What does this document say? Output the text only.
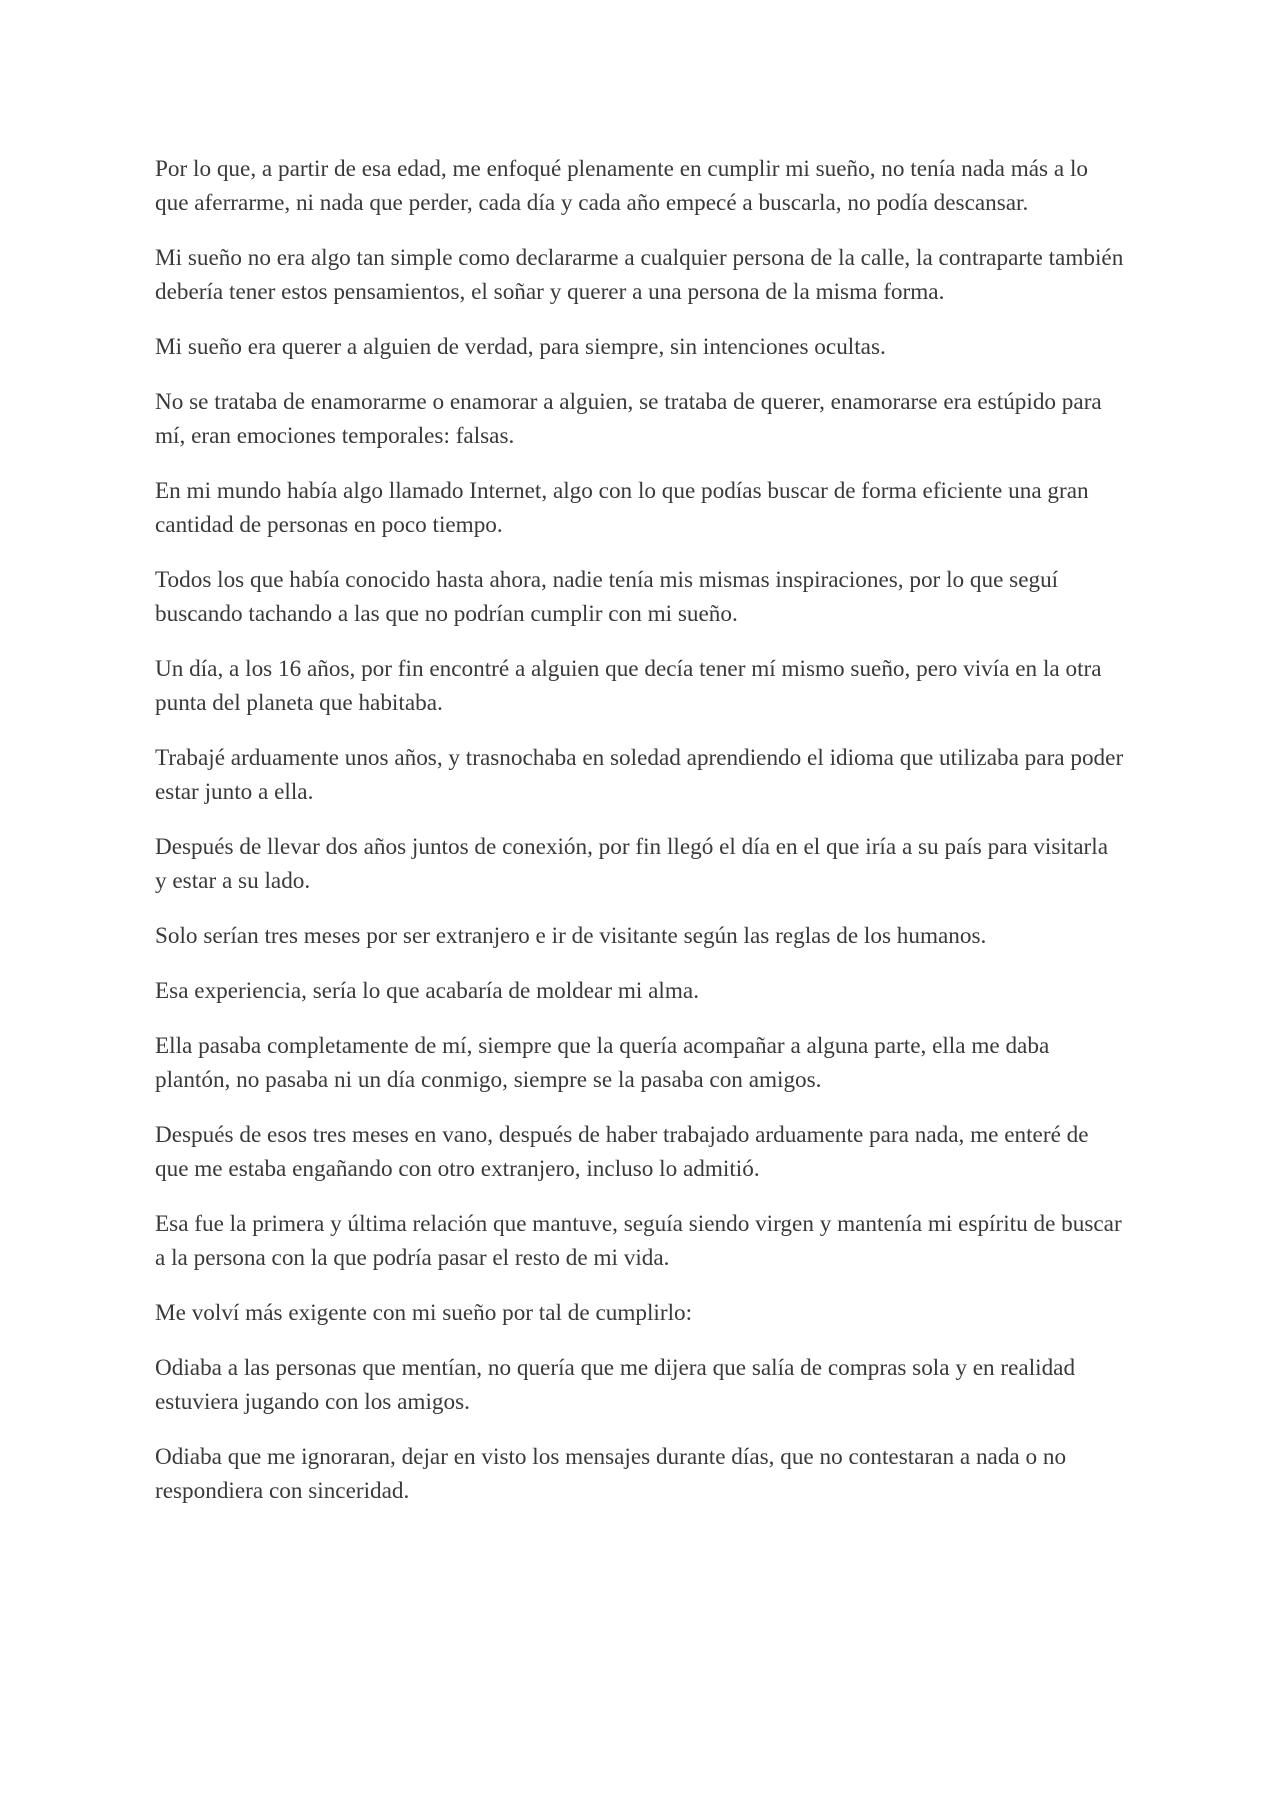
Por lo que, a partir de esa edad, me enfoqué plenamente en cumplir mi sueño, no tenía nada más a lo que aferrarme, ni nada que perder, cada día y cada año empecé a buscarla, no podía descansar.

Mi sueño no era algo tan simple como declararme a cualquier persona de la calle, la contraparte también debería tener estos pensamientos, el soñar y querer a una persona de la misma forma.

Mi sueño era querer a alguien de verdad, para siempre, sin intenciones ocultas.

No se trataba de enamorarme o enamorar a alguien, se trataba de querer, enamorarse era estúpido para mí, eran emociones temporales: falsas.

En mi mundo había algo llamado Internet, algo con lo que podías buscar de forma eficiente una gran cantidad de personas en poco tiempo.

Todos los que había conocido hasta ahora, nadie tenía mis mismas inspiraciones, por lo que seguí buscando tachando a las que no podrían cumplir con mi sueño.

Un día, a los 16 años, por fin encontré a alguien que decía tener mí mismo sueño, pero vivía en la otra punta del planeta que habitaba.

Trabajé arduamente unos años, y trasnochaba en soledad aprendiendo el idioma que utilizaba para poder estar junto a ella.

Después de llevar dos años juntos de conexión, por fin llegó el día en el que iría a su país para visitarla y estar a su lado.

Solo serían tres meses por ser extranjero e ir de visitante según las reglas de los humanos.

Esa experiencia, sería lo que acabaría de moldear mi alma.

Ella pasaba completamente de mí, siempre que la quería acompañar a alguna parte, ella me daba plantón, no pasaba ni un día conmigo, siempre se la pasaba con amigos.

Después de esos tres meses en vano, después de haber trabajado arduamente para nada, me enteré de que me estaba engañando con otro extranjero, incluso lo admitió.

Esa fue la primera y última relación que mantuve, seguía siendo virgen y mantenía mi espíritu de buscar a la persona con la que podría pasar el resto de mi vida.

Me volví más exigente con mi sueño por tal de cumplirlo:

Odiaba a las personas que mentían, no quería que me dijera que salía de compras sola y en realidad estuviera jugando con los amigos.

Odiaba que me ignoraran, dejar en visto los mensajes durante días, que no contestaran a nada o no respondiera con sinceridad.
